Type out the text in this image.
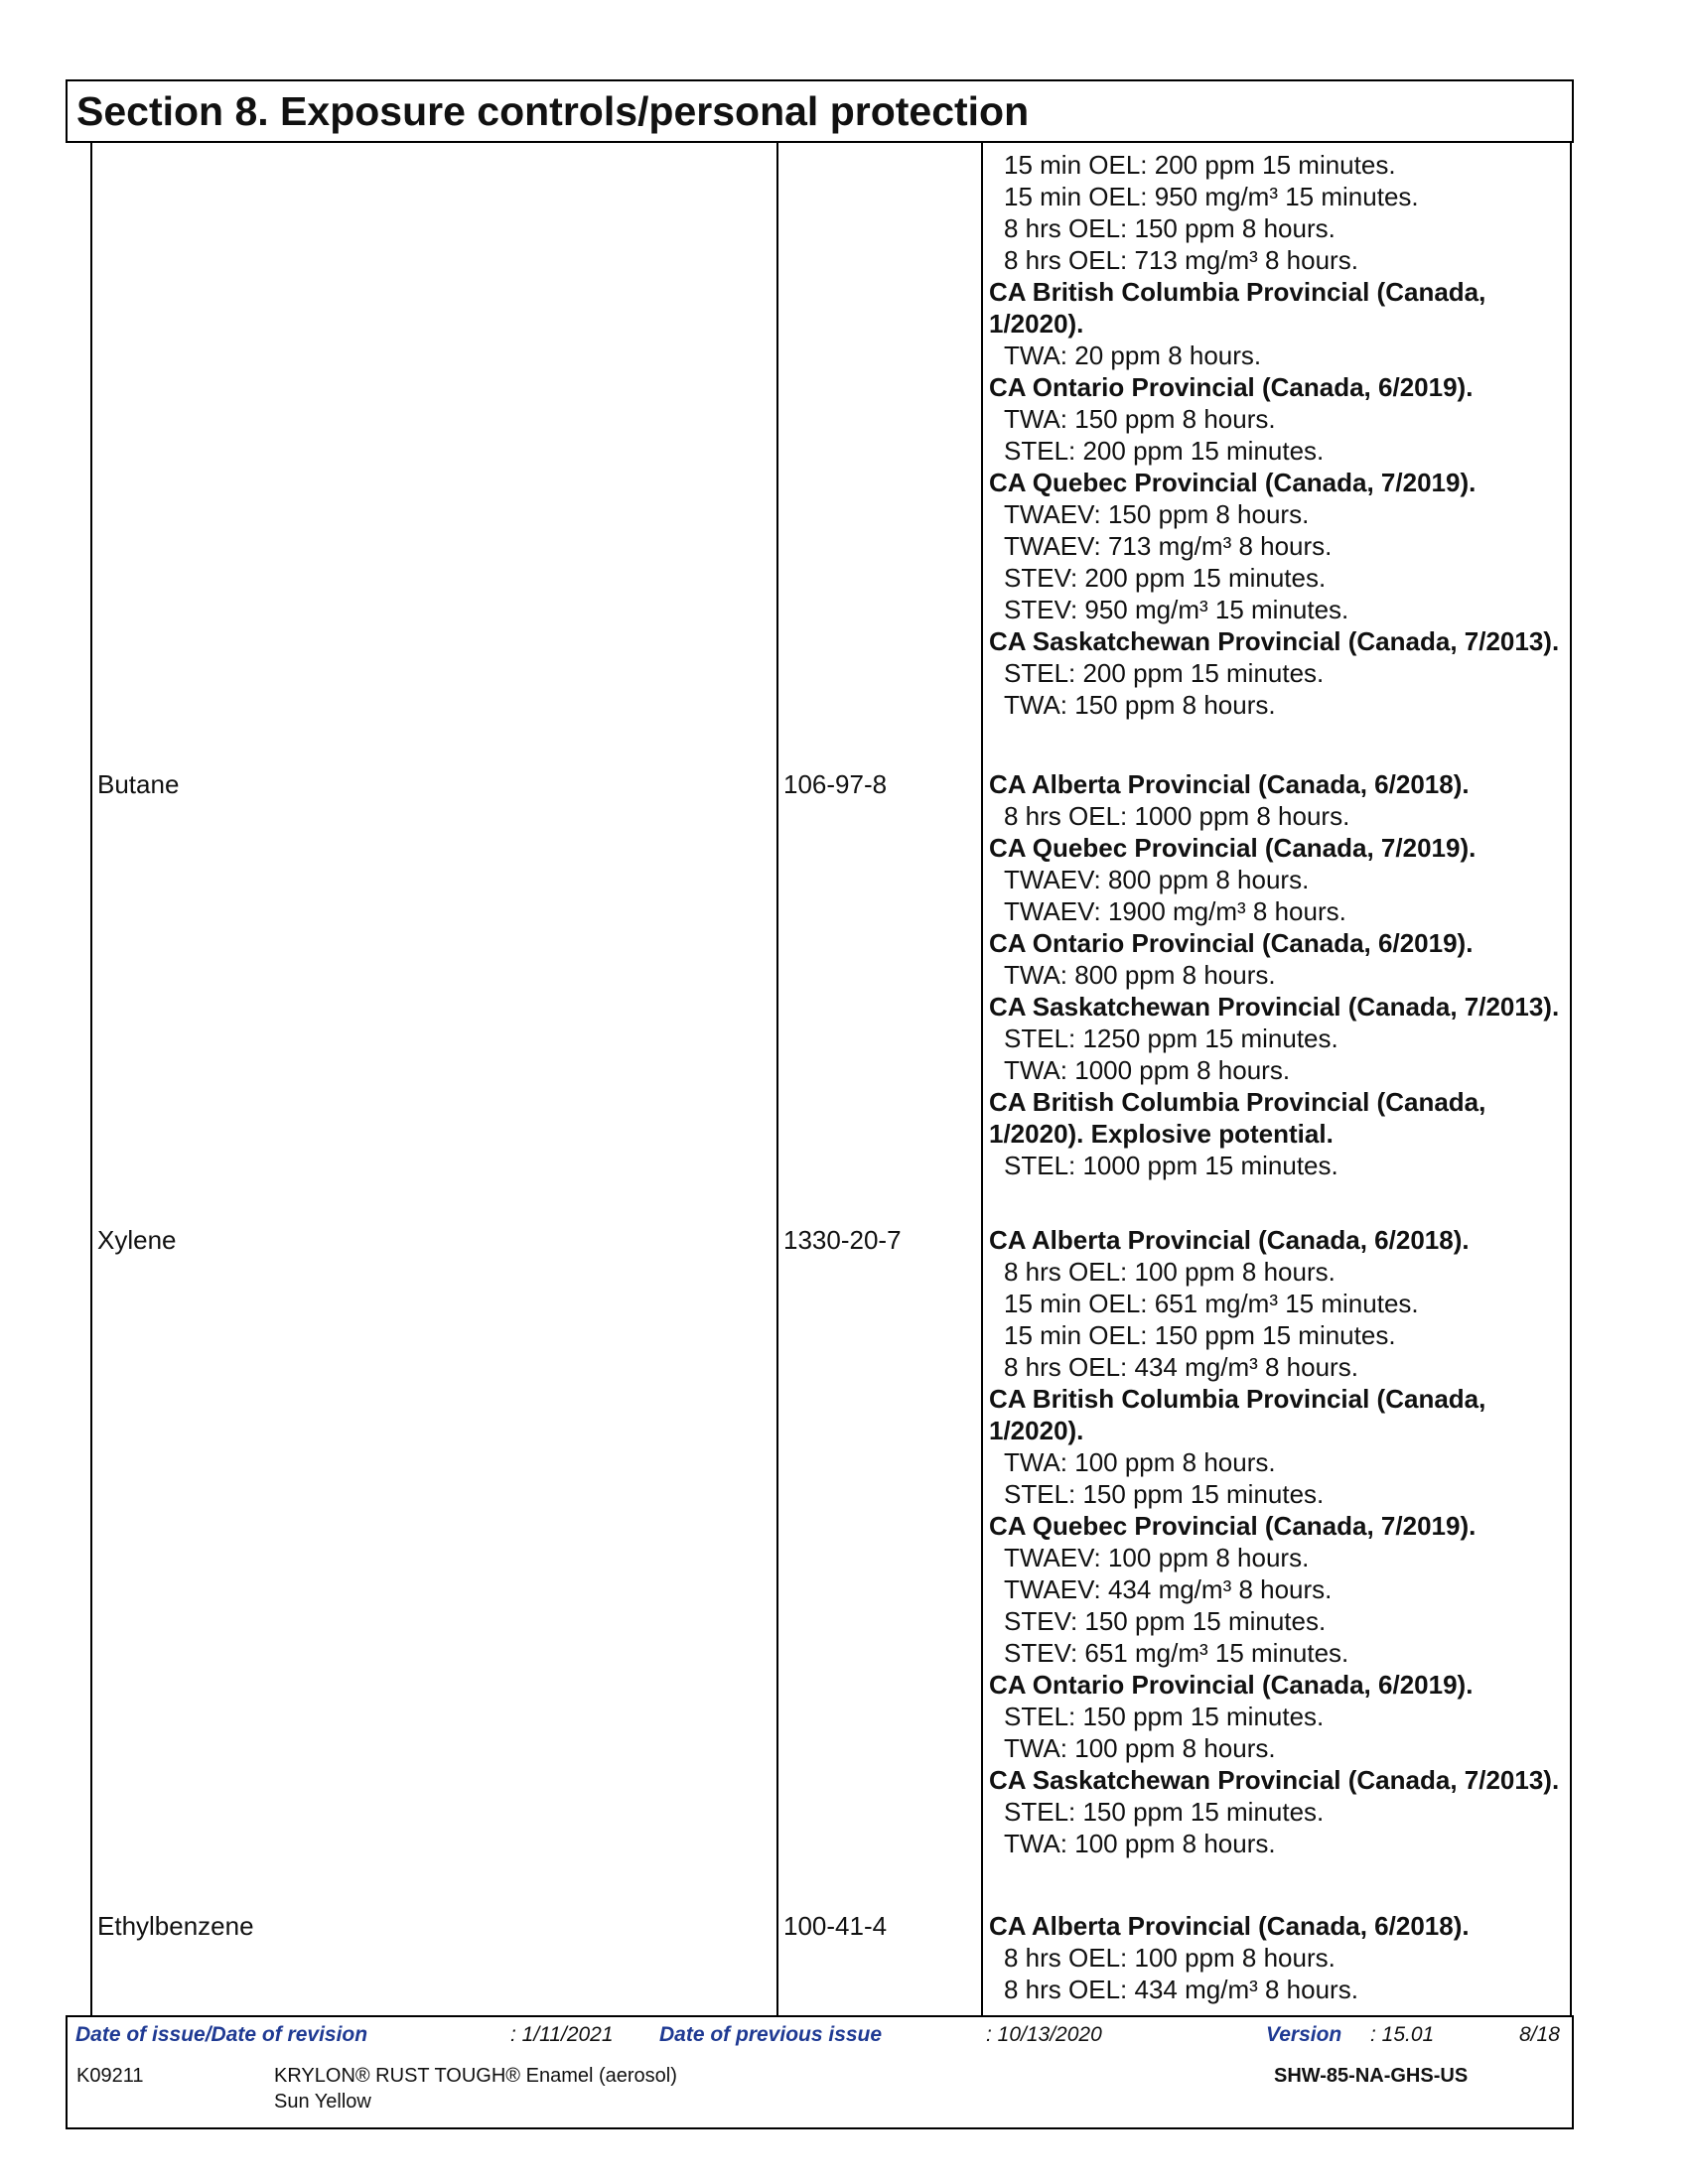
Section 8. Exposure controls/personal protection
15 min OEL: 200 ppm 15 minutes.
15 min OEL: 950 mg/m³ 15 minutes.
8 hrs OEL: 150 ppm 8 hours.
8 hrs OEL: 713 mg/m³ 8 hours.
CA British Columbia Provincial (Canada, 1/2020).
TWA: 20 ppm 8 hours.
CA Ontario Provincial (Canada, 6/2019).
TWA: 150 ppm 8 hours.
STEL: 200 ppm 15 minutes.
CA Quebec Provincial (Canada, 7/2019).
TWAEV: 150 ppm 8 hours.
TWAEV: 713 mg/m³ 8 hours.
STEV: 200 ppm 15 minutes.
STEV: 950 mg/m³ 15 minutes.
CA Saskatchewan Provincial (Canada, 7/2013).
STEL: 200 ppm 15 minutes.
TWA: 150 ppm 8 hours.
Butane	106-97-8	CA Alberta Provincial (Canada, 6/2018).
8 hrs OEL: 1000 ppm 8 hours.
CA Quebec Provincial (Canada, 7/2019).
TWAEV: 800 ppm 8 hours.
TWAEV: 1900 mg/m³ 8 hours.
CA Ontario Provincial (Canada, 6/2019).
TWA: 800 ppm 8 hours.
CA Saskatchewan Provincial (Canada, 7/2013).
STEL: 1250 ppm 15 minutes.
TWA: 1000 ppm 8 hours.
CA British Columbia Provincial (Canada, 1/2020). Explosive potential.
STEL: 1000 ppm 15 minutes.
Xylene	1330-20-7	CA Alberta Provincial (Canada, 6/2018).
8 hrs OEL: 100 ppm 8 hours.
15 min OEL: 651 mg/m³ 15 minutes.
15 min OEL: 150 ppm 15 minutes.
8 hrs OEL: 434 mg/m³ 8 hours.
CA British Columbia Provincial (Canada, 1/2020).
TWA: 100 ppm 8 hours.
STEL: 150 ppm 15 minutes.
CA Quebec Provincial (Canada, 7/2019).
TWAEV: 100 ppm 8 hours.
TWAEV: 434 mg/m³ 8 hours.
STEV: 150 ppm 15 minutes.
STEV: 651 mg/m³ 15 minutes.
CA Ontario Provincial (Canada, 6/2019).
STEL: 150 ppm 15 minutes.
TWA: 100 ppm 8 hours.
CA Saskatchewan Provincial (Canada, 7/2013).
STEL: 150 ppm 15 minutes.
TWA: 100 ppm 8 hours.
Ethylbenzene	100-41-4	CA Alberta Provincial (Canada, 6/2018).
8 hrs OEL: 100 ppm 8 hours.
8 hrs OEL: 434 mg/m³ 8 hours.
Date of issue/Date of revision	: 1/11/2021 Date of previous issue	: 10/13/2020	Version : 15.01	8/18
K09211	KRYLON® RUST TOUGH® Enamel (aerosol)
Sun Yellow
SHW-85-NA-GHS-US
